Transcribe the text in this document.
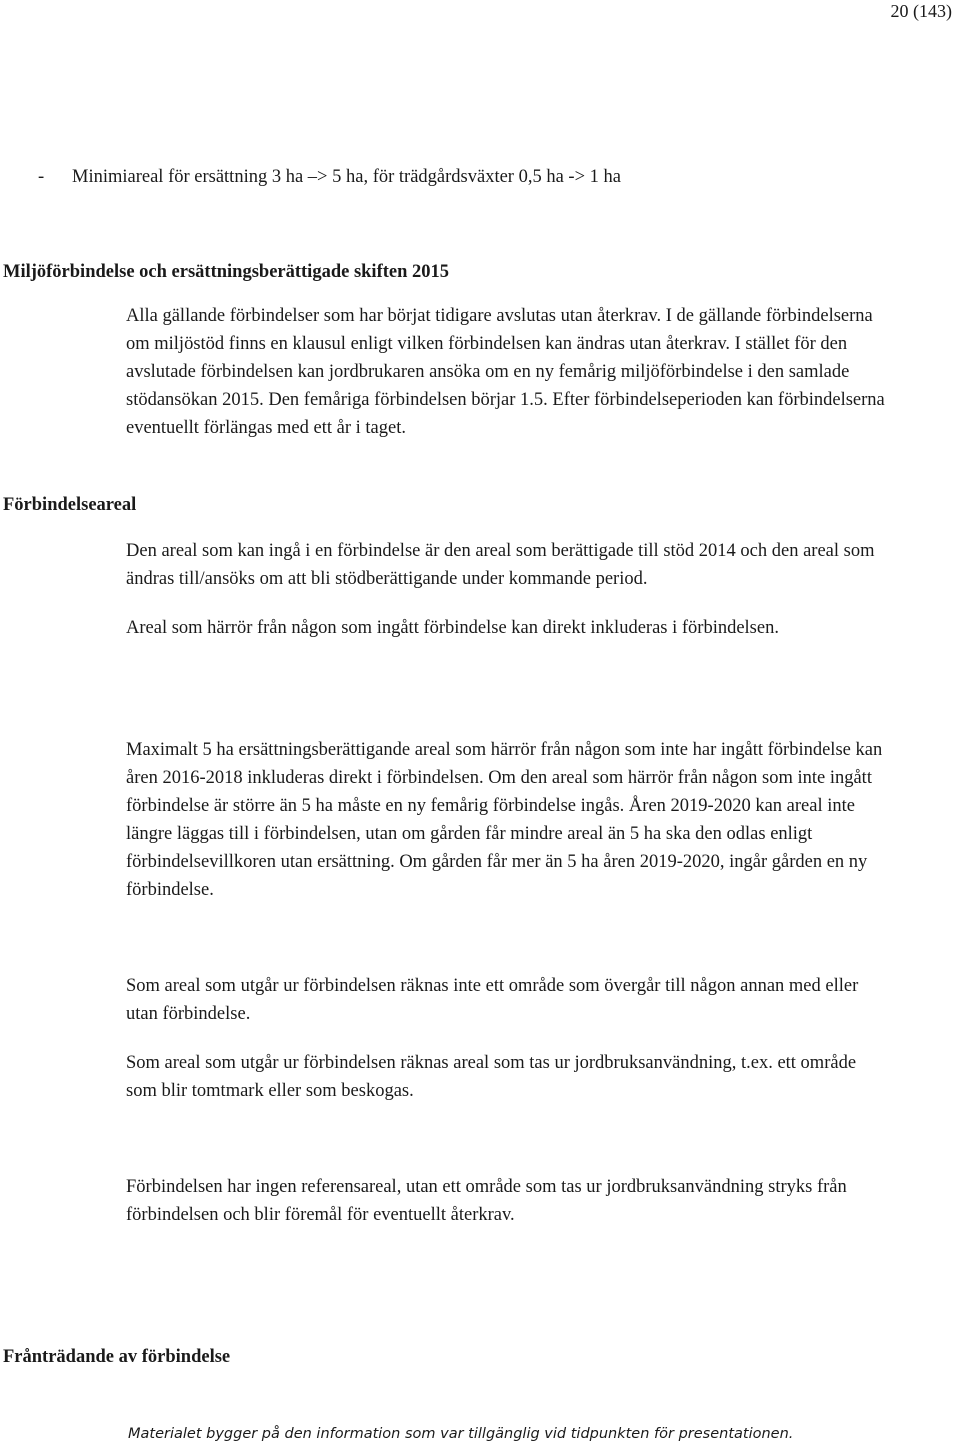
20 (143)
- Minimiareal för ersättning 3 ha –> 5 ha, för trädgårdsväxter 0,5 ha -> 1 ha
Miljöförbindelse och ersättningsberättigade skiften 2015
Alla gällande förbindelser som har börjat tidigare avslutas utan återkrav. I de gällande förbindelserna om miljöstöd finns en klausul enligt vilken förbindelsen kan ändras utan återkrav. I stället för den avslutade förbindelsen kan jordbrukaren ansöka om en ny femårig miljöförbindelse i den samlade stödansökan 2015. Den femåriga förbindelsen börjar 1.5. Efter förbindelseperioden kan förbindelserna eventuellt förlängas med ett år i taget.
Förbindelseareal
Den areal som kan ingå i en förbindelse är den areal som berättigade till stöd 2014 och den areal som ändras till/ansöks om att bli stödberättigande under kommande period.
Areal som härrör från någon som ingått förbindelse kan direkt inkluderas i förbindelsen.
Maximalt 5 ha ersättningsberättigande areal som härrör från någon som inte har ingått förbindelse kan åren 2016-2018 inkluderas direkt i förbindelsen. Om den areal som härrör från någon som inte ingått förbindelse är större än 5 ha måste en ny femårig förbindelse ingås. Åren 2019-2020 kan areal inte längre läggas till i förbindelsen, utan om gården får mindre areal än 5 ha ska den odlas enligt förbindelsevillkoren utan ersättning. Om gården får mer än 5 ha åren 2019-2020, ingår gården en ny förbindelse.
Som areal som utgår ur förbindelsen räknas inte ett område som övergår till någon annan med eller utan förbindelse.
Som areal som utgår ur förbindelsen räknas areal som tas ur jordbruksanvändning, t.ex. ett område som blir tomtmark eller som beskogas.
Förbindelsen har ingen referensareal, utan ett område som tas ur jordbruksanvändning stryks från förbindelsen och blir föremål för eventuellt återkrav.
Frånträdande av förbindelse
Materialet bygger på den information som var tillgänglig vid tidpunkten för presentationen.
